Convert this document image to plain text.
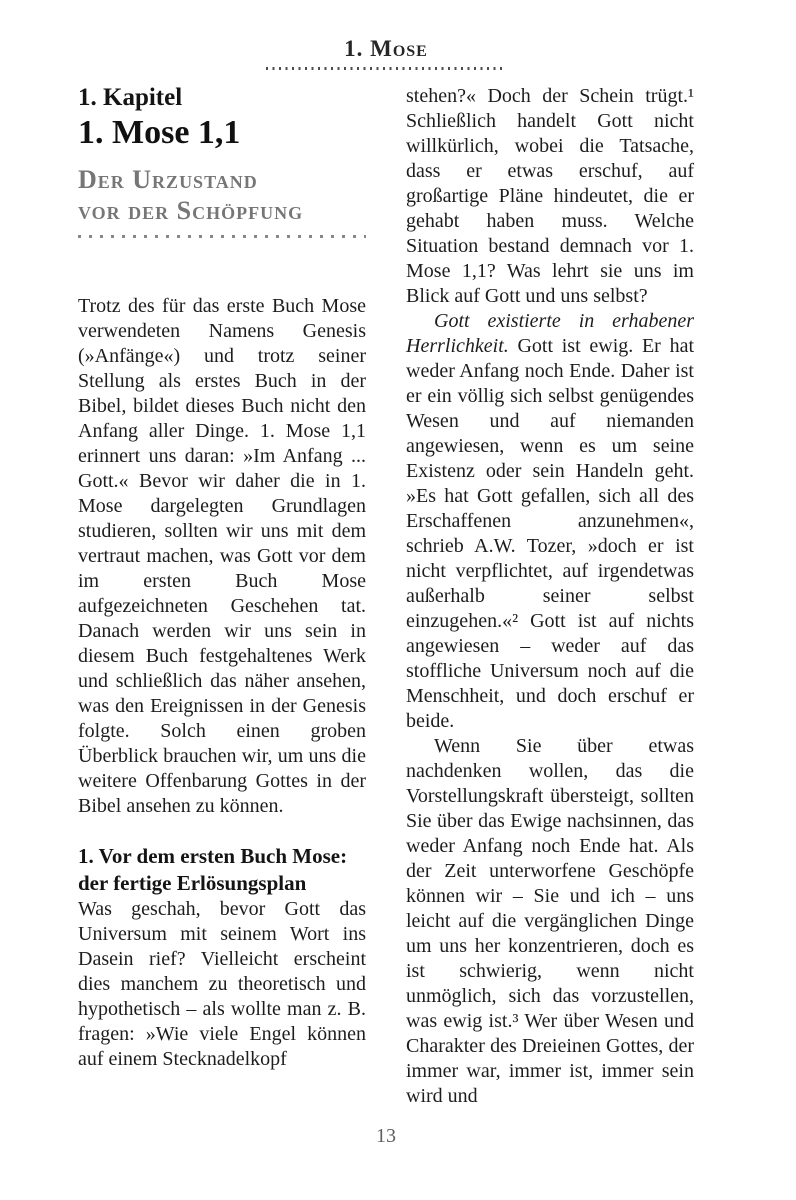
1. Mose
1. Kapitel
1. Mose 1,1
Der Urzustand
vor der Schöpfung

Trotz des für das erste Buch Mose verwendeten Namens Genesis (»Anfänge«) und trotz seiner Stellung als erstes Buch in der Bibel, bildet dieses Buch nicht den Anfang aller Dinge. 1. Mose 1,1 erinnert uns daran: »Im Anfang ... Gott.« Bevor wir daher die in 1. Mose dargelegten Grundlagen studieren, sollten wir uns mit dem vertraut machen, was Gott vor dem im ersten Buch Mose aufgezeichneten Geschehen tat. Danach werden wir uns sein in diesem Buch festgehaltenes Werk und schließlich das näher ansehen, was den Ereignissen in der Genesis folgte. Solch einen groben Überblick brauchen wir, um uns die weitere Offenbarung Gottes in der Bibel ansehen zu können.

1. Vor dem ersten Buch Mose:
der fertige Erlösungsplan

Was geschah, bevor Gott das Universum mit seinem Wort ins Dasein rief? Vielleicht erscheint dies manchem zu theoretisch und hypothetisch – als wollte man z. B. fragen: »Wie viele Engel können auf einem Stecknadelkopf

stehen?« Doch der Schein trügt.¹ Schließlich handelt Gott nicht willkürlich, wobei die Tatsache, dass er etwas erschuf, auf großartige Pläne hindeutet, die er gehabt haben muss. Welche Situation bestand demnach vor 1. Mose 1,1? Was lehrt sie uns im Blick auf Gott und uns selbst?

Gott existierte in erhabener Herrlichkeit. Gott ist ewig. Er hat weder Anfang noch Ende. Daher ist er ein völlig sich selbst genügendes Wesen und auf niemanden angewiesen, wenn es um seine Existenz oder sein Handeln geht. »Es hat Gott gefallen, sich all des Erschaffenen anzunehmen«, schrieb A.W. Tozer, »doch er ist nicht verpflichtet, auf irgendetwas außerhalb seiner selbst einzugehen.«² Gott ist auf nichts angewiesen – weder auf das stoffliche Universum noch auf die Menschheit, und doch erschuf er beide.

Wenn Sie über etwas nachdenken wollen, das die Vorstellungskraft übersteigt, sollten Sie über das Ewige nachsinnen, das weder Anfang noch Ende hat. Als der Zeit unterworfene Geschöpfe können wir – Sie und ich – uns leicht auf die vergänglichen Dinge um uns her konzentrieren, doch es ist schwierig, wenn nicht unmöglich, sich das vorzustellen, was ewig ist.³ Wer über Wesen und Charakter des Dreieinen Gottes, der immer war, immer ist, immer sein wird und

13
